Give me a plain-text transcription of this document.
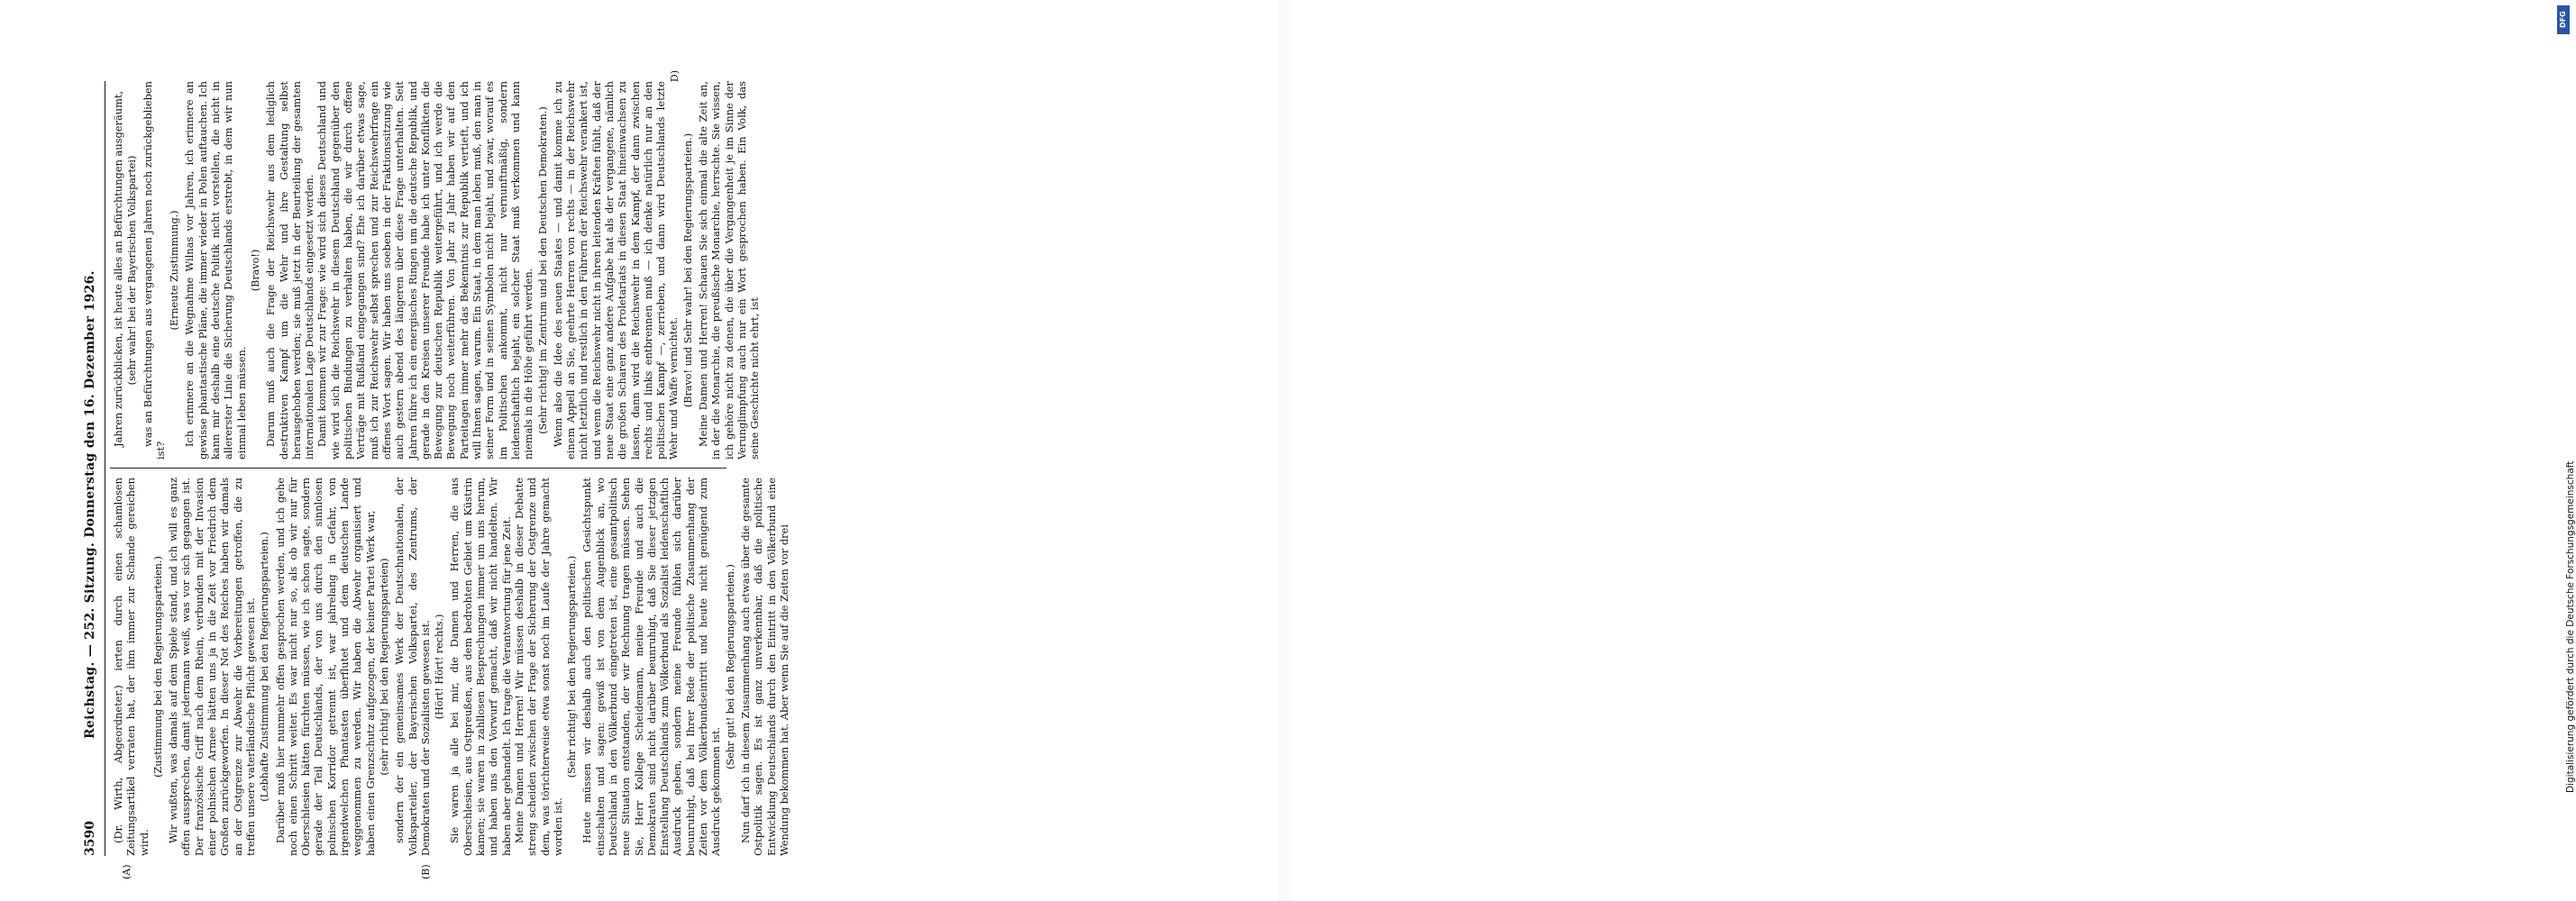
3590
Reichstag. — 252. Sitzung. Donnerstag den 16. Dezember 1926. (Dr. Wirth, Abgeordneter.) ierten durch einen schamlosen Zeitungsartikel verraten hat, der ihm immer zur Schande gereichen wird.
(Zustimmung bei den Regierungsparteien.) Wir wußten, was damals auf dem Spiele stand, und ich will es ganz offen aussprechen, damit jedermann weiß, was vor sich gegangen ist. Der französische Griff nach dem Rhein, verbunden mit der Invasion einer polnischen Armee hätten uns ja in die Zeit vor Friedrich dem Großen zurückgeworfen. In dieser Not des Reiches haben wir damals an der Ostgrenze zur Abwehr die Vorbereitungen getroffen, die zu treffen unsere vaterländische Pflicht gewesen ist. (Lebhafte Zustimmung bei den Regierungsparteien.) Darüber muß hier nunmehr offen gesprochen werden, und ich gehe noch einen Schritt weiter. Es war nicht nur so, als ob wir nur für Oberschlesien hätten fürchten müssen, wie ich schon sagte, sondern gerade der Teil Deutschlands, der von uns durch den sinnlosen polnischen Korridor getrennt ist, war jahrelang in Gefahr, von irgendwelchen Phantasten überflutet und dem deutschen Lande weggenommen zu werden. Wir haben die Abwehr organisiert und haben einen Grenzschutz aufgezogen, der keiner Partei Werk war, (sehr richtig! bei den Regierungsparteien) sondern der ein gemeinsames Werk der Deutschnationalen, der Volksparteiler, der Bayerischen Volkspartei, des Zentrums, der Demokraten und der Sozialisten gewesen ist. (Hört! Hört! rechts.) Sie waren ja alle bei mir, die Damen und Herren, die aus Oberschlesien, aus Ostpreußen, aus dem bedrohten Gebiet um Küstrin kamen; sie waren in zahllosen Besprechungen immer um uns herum, und haben uns den Vorwurf gemacht, daß wir nicht handelten. Wir haben aber gehandelt. Ich trage die Verantwortung für jene Zeit. Meine Damen und Herren! Wir müssen deshalb in dieser Debatte streng scheiden zwischen der Frage der Sicherung der Ostgrenze und dem, was törichterweise etwa sonst noch im Laufe der Jahre gemacht worden ist.
(Sehr richtig! bei den Regierungsparteien.) Heute müssen wir deshalb auch den politischen Gesichtspunkt einschalten und sagen: gewiß ist von dem Augenblick an, wo Deutschland in den Völkerbund eingetreten ist, eine gesamtpolitisch neue Situation entstanden, der wir Rechnung tragen müssen. Sehen Sie, Herr Kollege Scheidemann, meine Freunde und auch die Demokraten sind nicht darüber beunruhigt, daß Sie dieser jetzigen Einstellung Deutschlands zum Völkerbund als Sozialist leidenschaftlich Ausdruck geben, sondern meine Freunde fühlen sich darüber beunruhigt, daß bei Ihrer Rede der politische Zusammenhang der Zeiten vor dem Völkerbundseintritt und heute nicht genügend zum Ausdruck gekommen ist.
(Sehr gut! bei den Regierungsparteien.) Nun darf ich in diesem Zusammenhang auch etwas über die gesamte Ostpolitik sagen. Es ist ganz unverkennbar, daß die politische Entwicklung Deutschlands durch den Eintritt in den Völkerbund eine Wendung bekommen hat. Aber wenn Sie auf die Zeiten vor drei
Jahren zurückblicken, ist heute alles an Befürchtungen ausgeräumt, (sehr wahr! bei der Bayerischen Volkspartei) was an Befürchtungen aus vergangenen Jahren noch zurückgeblieben ist?
(Erneute Zustimmung.) Ich erinnere an die Wegnahme Wilnas vor Jahren, ich erinnere an gewisse phantastische Pläne, die immer wieder in Polen auftauchen. Ich kann mir deshalb eine deutsche Politik nicht vorstellen, die nicht in allererster Linie die Sicherung Deutschlands erstrebt, in dem wir nun einmal leben müssen.
(Bravo!) Darum muß auch die Frage der Reichswehr aus dem lediglich destruktiven Kampf um die Wehr und ihre Gestaltung selbst herausgehoben werden; sie muß jetzt in der Beurteilung der gesamten internationalen Lage Deutschlands eingesetzt werden. Damit kommen wir zur Frage: wie wird sich dieses Deutschland und wie wird sich die Reichswehr in diesem Deutschland gegenüber den politischen Bindungen zu verhalten haben, die wir durch offene Verträge mit Rußland eingegangen sind? Ehe ich darüber etwas sage, muß ich zur Reichswehr selbst sprechen und zur Reichswehrfrage ein offenes Wort sagen. Wir haben uns soeben in der Fraktionssitzung wie auch gestern abend des längeren über diese Frage unterhalten. Seit Jahren führe ich ein energisches Ringen um die deutsche Republik, und gerade in den Kreisen unserer Freunde habe ich unter Konflikten die Bewegung zur deutschen Republik weitergeführt, und ich werde die Bewegung noch weiterführen. Von Jahr zu Jahr haben wir auf den Parteitagen immer mehr das Bekenntnis zur Republik vertieft, und ich will Ihnen sagen, warum. Ein Staat, in dem man leben muß, den man in seiner Form und in seinen Symbolen nicht bejaht, und zwar, worauf es im Politischen ankommt, nicht nur vernunftmäßig, sondern leidenschaftlich bejaht, ein solcher Staat muß verkommen und kann niemals in die Höhe geführt werden. (Sehr richtig! im Zentrum und bei den Deutschen Demokraten.) Wenn also die Idee des neuen Staates — und damit komme ich zu einem Appell an Sie, geehrte Herren von rechts — in der Reichswehr nicht letztlich und restlich in den Führern der Reichswehr verankert ist, und wenn die Reichswehr nicht in ihren leitenden Kräften fühlt, daß der neue Staat eine ganz andere Aufgabe hat als der vergangene, nämlich die großen Scharen des Proletariats in diesen Staat hineinwachsen zu lassen, dann wird die Reichswehr in dem Kampf, der dann zwischen rechts und links entbrennen muß — ich denke natürlich nur an den politischen Kampf —, zerrieben, und dann wird Deutschlands letzte Wehr und Waffe vernichtet. (Bravo! und Sehr wahr! bei den Regierungsparteien.) Meine Damen und Herren! Schauen Sie sich einmal die alte Zeit an, in der die Monarchie, die preußische Monarchie, herrschte. Sie wissen, ich gehöre nicht zu denen, die über die Vergangenheit je im Sinne der Verunglimpfung auch nur ein Wort gesprochen haben. Ein Volk, das seine Geschichte nicht ehrt, ist
(A)	(B)
D)
DFG
Digitalisierung gefördert durch die Deutsche Forschungsgemeinschaft
